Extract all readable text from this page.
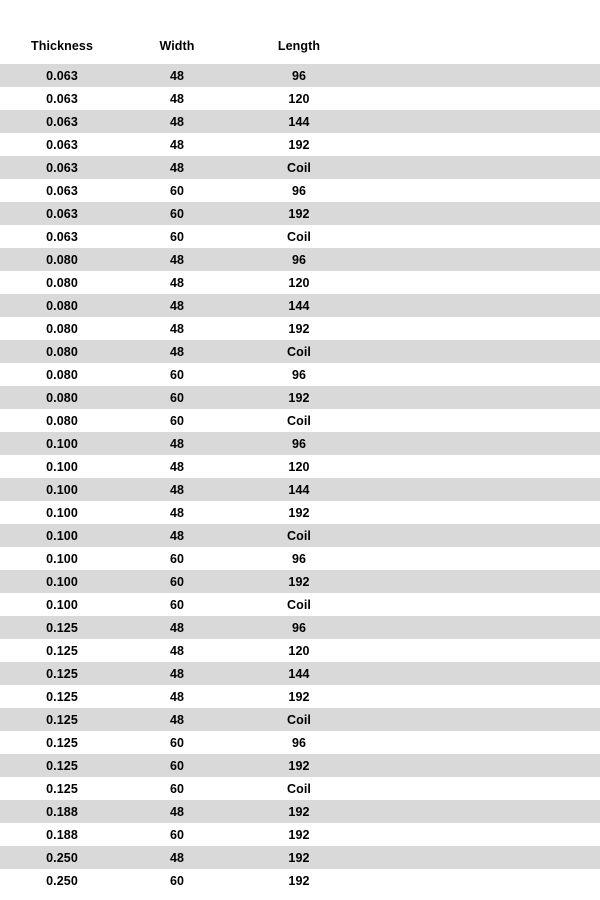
Thickness	Width	Length
0.063	48	96
0.063	48	120
0.063	48	144
0.063	48	192
0.063	48	Coil
0.063	60	96
0.063	60	192
0.063	60	Coil
0.080	48	96
0.080	48	120
0.080	48	144
0.080	48	192
0.080	48	Coil
0.080	60	96
0.080	60	192
0.080	60	Coil
0.100	48	96
0.100	48	120
0.100	48	144
0.100	48	192
0.100	48	Coil
0.100	60	96
0.100	60	192
0.100	60	Coil
0.125	48	96
0.125	48	120
0.125	48	144
0.125	48	192
0.125	48	Coil
0.125	60	96
0.125	60	192
0.125	60	Coil
0.188	48	192
0.188	60	192
0.250	48	192
0.250	60	192
